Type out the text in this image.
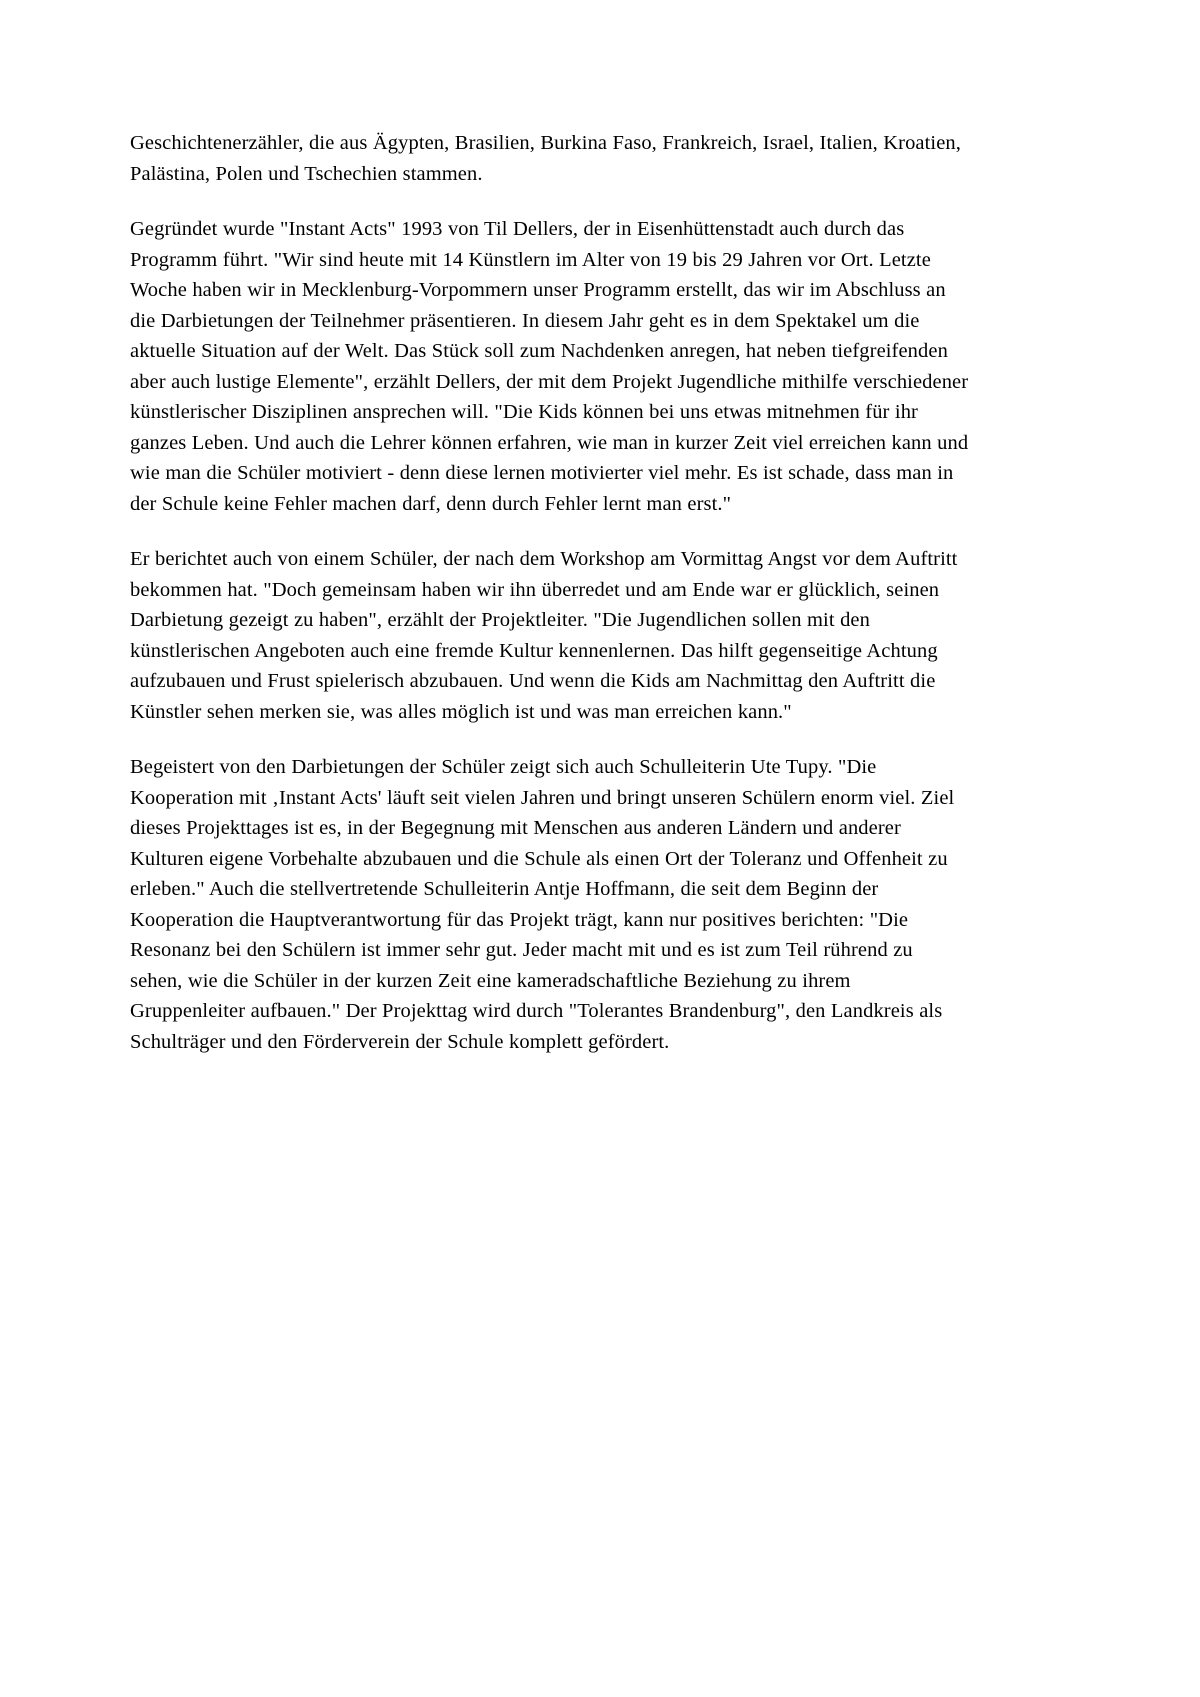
Geschichtenerzähler, die aus Ägypten, Brasilien, Burkina Faso, Frankreich, Israel, Italien, Kroatien, Palästina, Polen und Tschechien stammen.

Gegründet wurde "Instant Acts" 1993 von Til Dellers, der in Eisenhüttenstadt auch durch das Programm führt. "Wir sind heute mit 14 Künstlern im Alter von 19 bis 29 Jahren vor Ort. Letzte Woche haben wir in Mecklenburg-Vorpommern unser Programm erstellt, das wir im Abschluss an die Darbietungen der Teilnehmer präsentieren. In diesem Jahr geht es in dem Spektakel um die aktuelle Situation auf der Welt. Das Stück soll zum Nachdenken anregen, hat neben tiefgreifenden aber auch lustige Elemente", erzählt Dellers, der mit dem Projekt Jugendliche mithilfe verschiedener künstlerischer Disziplinen ansprechen will. "Die Kids können bei uns etwas mitnehmen für ihr ganzes Leben. Und auch die Lehrer können erfahren, wie man in kurzer Zeit viel erreichen kann und wie man die Schüler motiviert - denn diese lernen motivierter viel mehr. Es ist schade, dass man in der Schule keine Fehler machen darf, denn durch Fehler lernt man erst."

Er berichtet auch von einem Schüler, der nach dem Workshop am Vormittag Angst vor dem Auftritt bekommen hat. "Doch gemeinsam haben wir ihn überredet und am Ende war er glücklich, seinen Darbietung gezeigt zu haben", erzählt der Projektleiter. "Die Jugendlichen sollen mit den künstlerischen Angeboten auch eine fremde Kultur kennenlernen. Das hilft gegenseitige Achtung aufzubauen und Frust spielerisch abzubauen. Und wenn die Kids am Nachmittag den Auftritt die Künstler sehen merken sie, was alles möglich ist und was man erreichen kann."

Begeistert von den Darbietungen der Schüler zeigt sich auch Schulleiterin Ute Tupy. "Die Kooperation mit ‚Instant Acts' läuft seit vielen Jahren und bringt unseren Schülern enorm viel. Ziel dieses Projekttages ist es, in der Begegnung mit Menschen aus anderen Ländern und anderer Kulturen eigene Vorbehalte abzubauen und die Schule als einen Ort der Toleranz und Offenheit zu erleben." Auch die stellvertretende Schulleiterin Antje Hoffmann, die seit dem Beginn der Kooperation die Hauptverantwortung für das Projekt trägt, kann nur positives berichten: "Die Resonanz bei den Schülern ist immer sehr gut. Jeder macht mit und es ist zum Teil rührend zu sehen, wie die Schüler in der kurzen Zeit eine kameradschaftliche Beziehung zu ihrem Gruppenleiter aufbauen." Der Projekttag wird durch "Tolerantes Brandenburg", den Landkreis als Schulträger und den Förderverein der Schule komplett gefördert.
